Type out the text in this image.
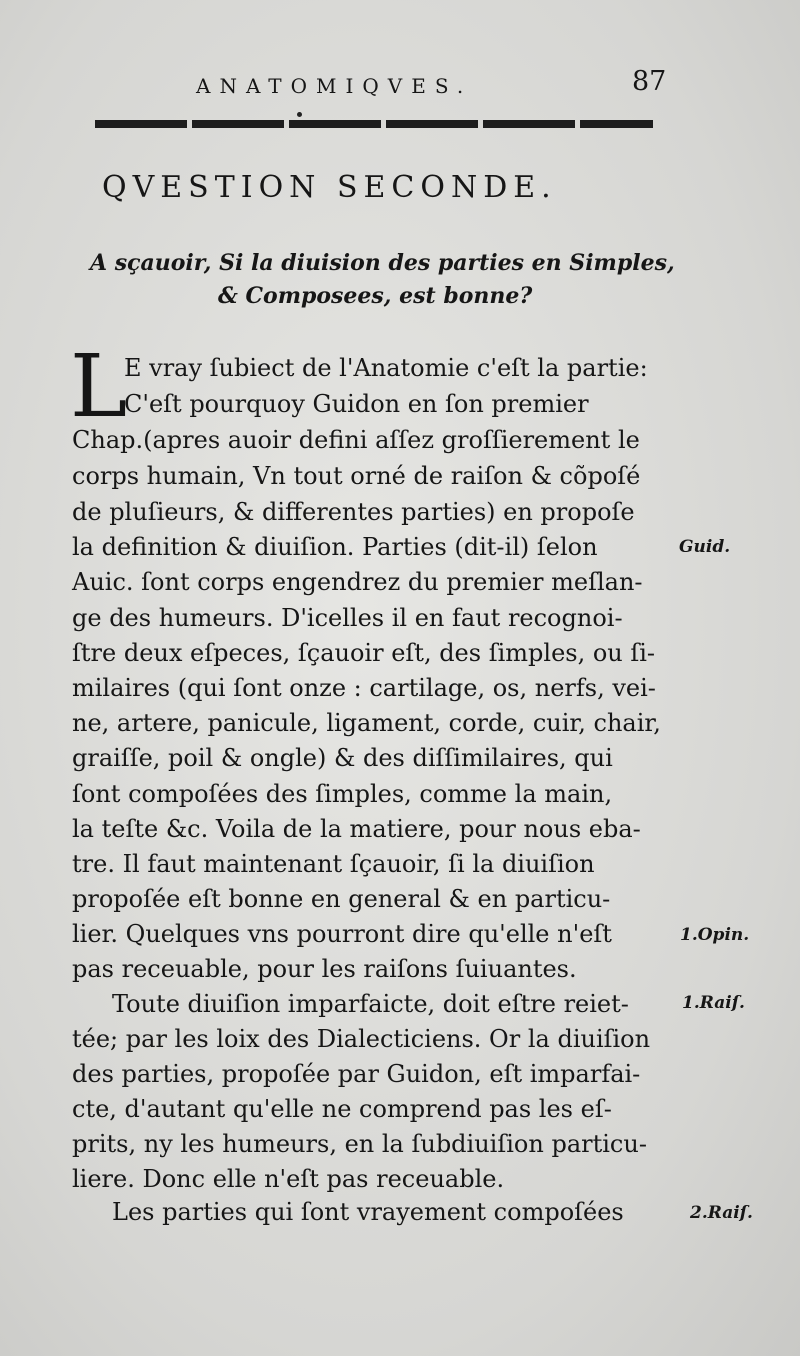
ANATOMIQVES.	87
QVESTION SECONDE.
A sçauoir, Si la diuision des parties en Simples,
& Composees, est bonne?
L
E vray ſubiect de l'Anatomie c'eſt la partie:
C'eſt pourquoy Guidon en ſon premier
Chap.(apres auoir defini aſſez groſſierement le
corps humain, Vn tout orné de raiſon & cõpoſé
de pluſieurs, & differentes parties) en propoſe
la definition & diuiſion. Parties (dit-il) ſelon
Auic. ſont corps engendrez du premier meſlan-
ge des humeurs. D'icelles il en faut recognoi-
ſtre deux eſpeces, ſçauoir eſt, des ſimples, ou ſi-
milaires (qui ſont onze : cartilage, os, nerfs, vei-
ne, artere, panicule, ligament, corde, cuir, chair,
graiſſe, poil & ongle) & des diſſimilaires, qui
ſont compoſées des ſimples, comme la main,
la teſte &c. Voila de la matiere, pour nous eba-
tre. Il faut maintenant ſçauoir, ſi la diuiſion
propoſée eſt bonne en general & en particu-
lier. Quelques vns pourront dire qu'elle n'eſt
pas receuable, pour les raiſons ſuiuantes.
Toute diuiſion imparfaicte, doit eſtre reiet-
tée; par les loix des Dialecticiens. Or la diuiſion
des parties, propoſée par Guidon, eſt imparfai-
cte, d'autant qu'elle ne comprend pas les eſ-
prits, ny les humeurs, en la ſubdiuiſion particu-
liere. Donc elle n'eſt pas receuable.
Les parties qui ſont vrayement compoſées
Guid.
1.Opin.
1.Raiſ.
2.Raiſ.
